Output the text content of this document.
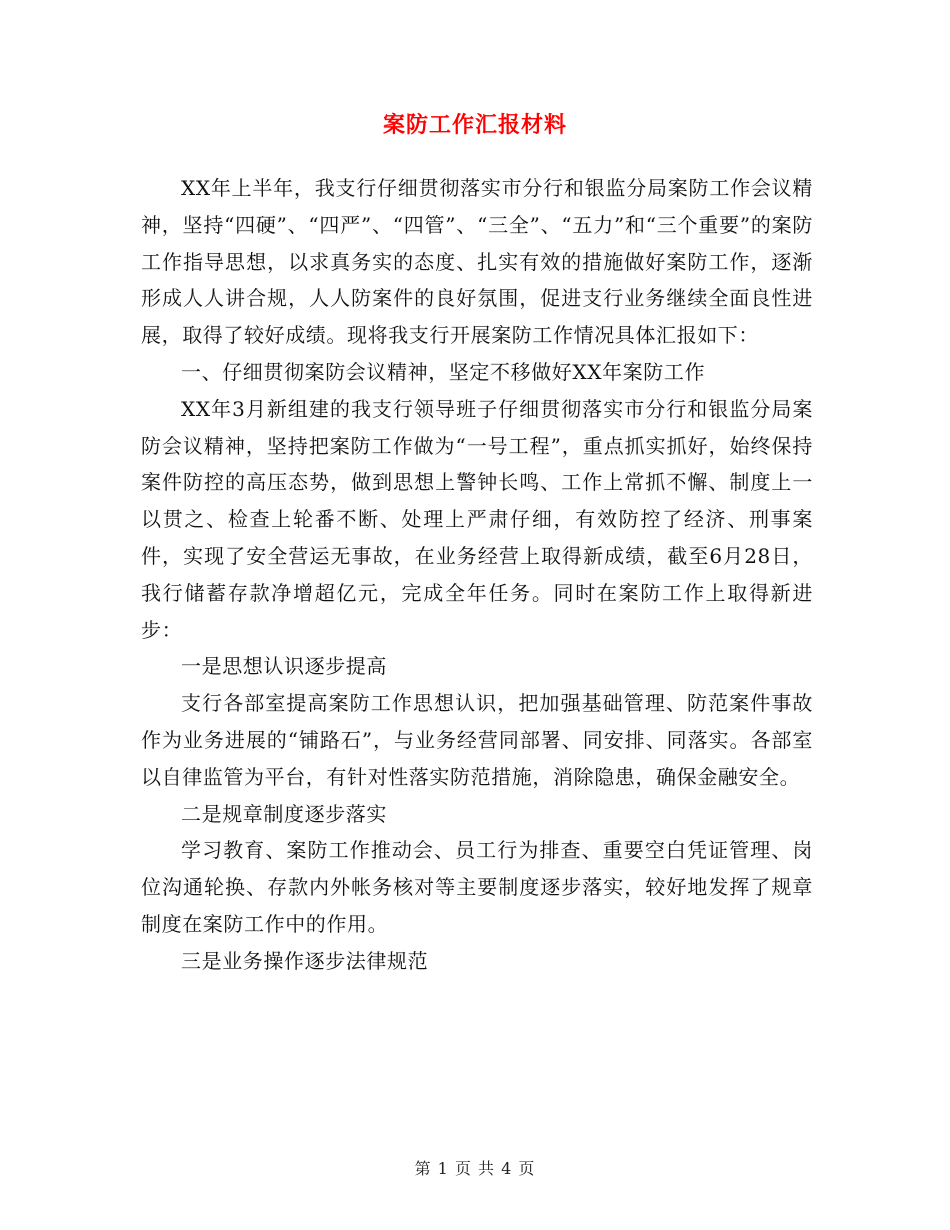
案防工作汇报材料

XX年上半年，我支行仔细贯彻落实市分行和银监分局案防工作会议精神，坚持“四硬”、“四严”、“四管”、“三全”、“五力”和“三个重要”的案防工作指导思想，以求真务实的态度、扎实有效的措施做好案防工作，逐渐形成人人讲合规，人人防案件的良好氛围，促进支行业务继续全面良性进展，取得了较好成绩。现将我支行开展案防工作情况具体汇报如下：

一、仔细贯彻案防会议精神，坚定不移做好XX年案防工作

XX年3月新组建的我支行领导班子仔细贯彻落实市分行和银监分局案防会议精神，坚持把案防工作做为“一号工程”，重点抓实抓好，始终保持案件防控的高压态势，做到思想上警钟长鸣、工作上常抓不懈、制度上一以贯之、检查上轮番不断、处理上严肃仔细，有效防控了经济、刑事案件，实现了安全营运无事故，在业务经营上取得新成绩，截至6月28日，我行储蓄存款净增超亿元，完成全年任务。同时在案防工作上取得新进步：

一是思想认识逐步提高

支行各部室提高案防工作思想认识，把加强基础管理、防范案件事故作为业务进展的“铺路石”，与业务经营同部署、同安排、同落实。各部室以自律监管为平台，有针对性落实防范措施，消除隐患，确保金融安全。

二是规章制度逐步落实

学习教育、案防工作推动会、员工行为排查、重要空白凭证管理、岗位沟通轮换、存款内外帐务核对等主要制度逐步落实，较好地发挥了规章制度在案防工作中的作用。

三是业务操作逐步法律规范

第 1 页 共 4 页
